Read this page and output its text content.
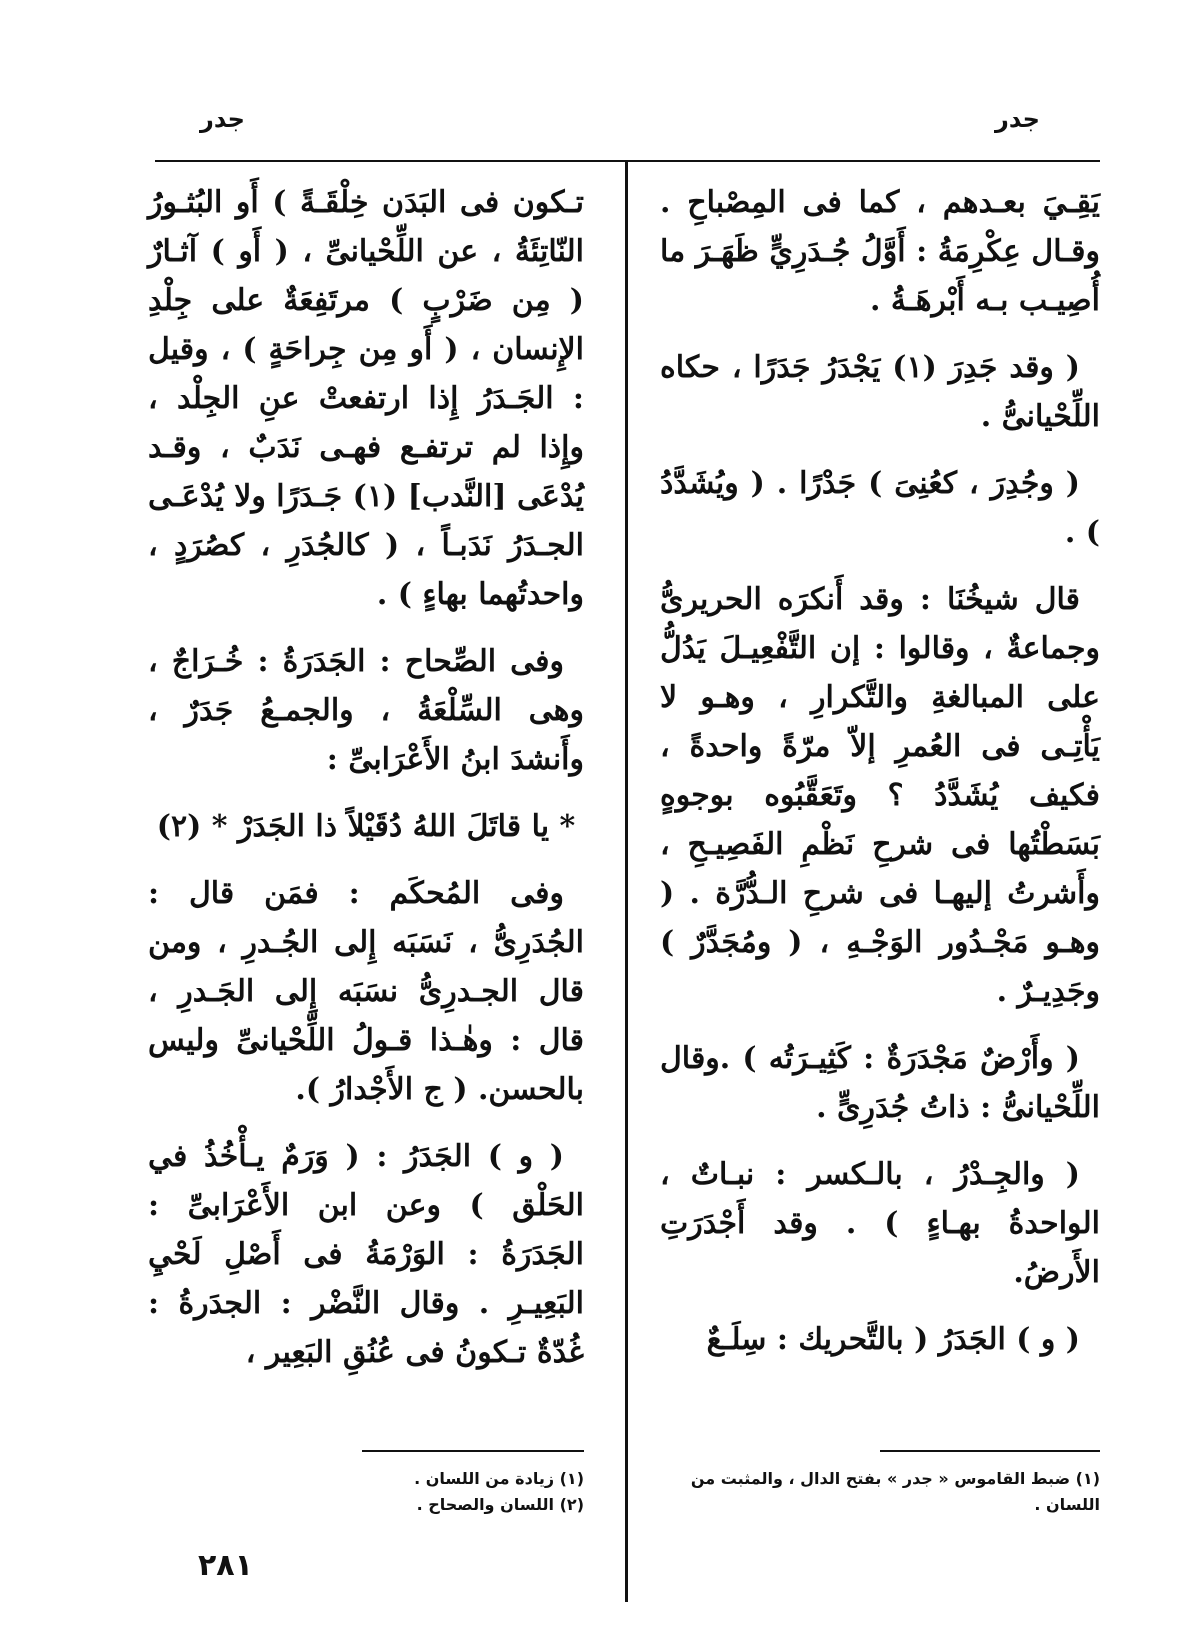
جدر
جدر

يَقِـيَ بعـدهم ، كما فى المِصْباحِ . وقـال عِكْرِمَةُ : أَوَّلُ جُـدَرِيٍّ ظَهَـرَ ما أُصِيـب بـه أَبْرهَـةُ .

( وقد جَدِرَ (١) يَجْدَرُ جَدَرًا ، حكاه اللِّحْيانىُّ .

( وجُدِرَ ، كعُنِىَ ) جَدْرًا . ( ويُشَدَّدُ ) .

قال شيخُنَا : وقد أَنكرَه الحريرىُّ وجماعةٌ ، وقالوا : إن التَّفْعِيـلَ يَدُلُّ على المبالغةِ والتَّكرارِ ، وهـو لا يَأْتِـى فى العُمرِ إلاّ مرّةً واحدةً ، فكيف يُشَدَّدُ ؟ وتَعَقَّبُوه بوجوهٍ بَسَطْتُها فى شرحِ نَظْمِ الفَصِيـحِ ، وأَشرتُ إليهـا فى شرحِ الـدُّرَّة . ( وهـو مَجْـدُور الوَجْـهِ ، ( ومُجَدَّرٌ ) وجَدِيـرٌ .

( وأَرْضٌ مَجْدَرَةٌ : كَثِيـرَتُه ) .وقال اللِّحْيانىُّ : ذاتُ جُدَرِىٍّ .

( والجِـدْرُ ، بالـكسر : نبـاتٌ ، الواحدةُ بهـاءٍ ) . وقد أَجْدَرَتِ الأَرضُ.

( و ) الجَدَرُ ( بالتَّحريك : سِلَـعٌ

تـكون فى البَدَن خِلْقَـةً ) أَو البُثـورُ النّاتِئَةُ ، عن اللِّحْيانىِّ ، ( أَو ) آثـارٌ ( مِن ضَرْبٍ ) مرتَفِعَةٌ على جِلْدِ الإِنسان ، ( أَو مِن جِراحَةٍ ) ، وقيل : الجَـدَرُ إِذا ارتفعتْ عنِ الجِلْد ، وإِذا لم ترتفـع فهـى نَدَبٌ ، وقـد يُدْعَى [النَّدب] (١) جَـدَرًا ولا يُدْعَـى الجـدَرُ نَدَبـاً ، ( كالجُدَرِ ، كصُرَدٍ ، واحدتُهما بهاءٍ ) .

وفى الصِّحاح : الجَدَرَةُ : خُـرَاجٌ ، وهى السِّلْعَةُ ، والجمـعُ جَدَرٌ ، وأَنشدَ ابنُ الأَعْرَابىِّ :

* يا قاتَلَ اللهُ دُقَيْلاً ذا الجَدَرْ * (٢)

وفى المُحكَم : فمَن قال : الجُدَرِىُّ ، نَسَبَه إِلى الجُـدرِ ، ومن قال الجـدرِىُّ نسَبَه إِلى الجَـدرِ ، قال : وهٰـذا قـولُ اللِّحْيانىِّ وليس بالحسن. ( ج الأَجْدارُ ).

( و ) الجَدَرُ : ( وَرَمٌ يـأْخُذُ في الحَلْق ) وعن ابن الأَعْرَابىِّ : الجَدَرَةُ : الوَرْمَةُ فى أَصْلِ لَحْيِ البَعِيـرِ . وقال النَّضْر : الجدَرةُ : غُدّةٌ تـكونُ فى عُنُقِ البَعِير ،

(١) ضبط القاموس « جدر » بفتح الدال ، والمثبت من

اللسان .

(١) زيادة من اللسان .

(٢) اللسان والصحاح .

٢٨١
